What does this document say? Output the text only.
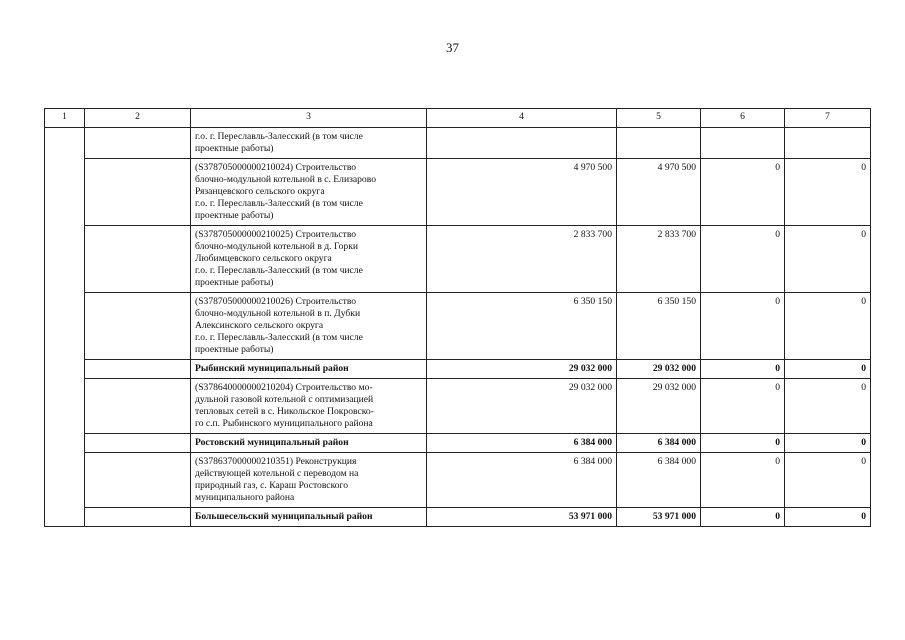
37
1	2	3	4	5	6	7
		г.о. г. Переславль-Залесский (в том числе
проектные работы)				
		(S378705000000210024) Строительство
блочно-модульной котельной в с. Елизарово
Рязанцевского сельского округа
г.о. г. Переславль-Залесский (в том числе
проектные работы)	4 970 500	4 970 500	0	0
		(S378705000000210025) Строительство
блочно-модульной котельной в д. Горки
Любимцевского сельского округа
г.о. г. Переславль-Залесский (в том числе
проектные работы)	2 833 700	2 833 700	0	0
		(S378705000000210026) Строительство
блочно-модульной котельной в п. Дубки
Алексинского сельского округа
г.о. г. Переславль-Залесский (в том числе
проектные работы)	6 350 150	6 350 150	0	0
		Рыбинский муниципальный район	29 032 000	29 032 000	0	0
		(S378640000000210204) Строительство мо-
дульной газовой котельной с оптимизацией
тепловых сетей в с. Никольское Покровско-
го с.п. Рыбинского муниципального района	29 032 000	29 032 000	0	0
		Ростовский муниципальный район	6 384 000	6 384 000	0	0
		(S378637000000210351) Реконструкция
действующей котельной с переводом на
природный газ, с. Караш Ростовского
муниципального района	6 384 000	6 384 000	0	0
		Большесельский муниципальный район	53 971 000	53 971 000	0	0
